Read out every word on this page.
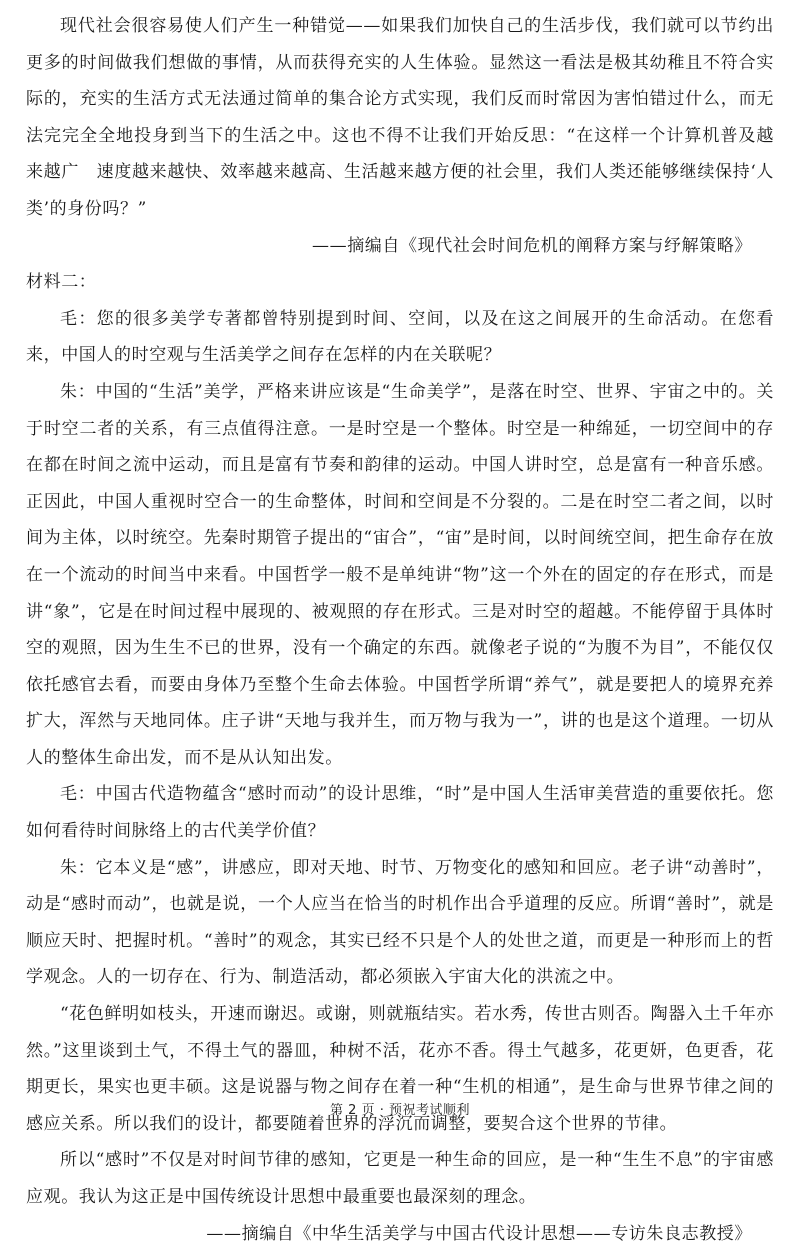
现代社会很容易使人们产生一种错觉——如果我们加快自己的生活步伐，我们就可以节约出更多的时间做我们想做的事情，从而获得充实的人生体验。显然这一看法是极其幼稚且不符合实际的，充实的生活方式无法通过简单的集合论方式实现，我们反而时常因为害怕错过什么，而无法完完全全地投身到当下的生活之中。这也不得不让我们开始反思：“在这样一个计算机普及越来越广　速度越来越快、效率越来越高、生活越来越方便的社会里，我们人类还能够继续保持‘人类’的身份吗？”

——摘编自《现代社会时间危机的阐释方案与纾解策略》

材料二：

毛：您的很多美学专著都曾特别提到时间、空间，以及在这之间展开的生命活动。在您看来，中国人的时空观与生活美学之间存在怎样的内在关联呢？

朱：中国的“生活”美学，严格来讲应该是“生命美学”，是落在时空、世界、宇宙之中的。关于时空二者的关系，有三点值得注意。一是时空是一个整体。时空是一种绵延，一切空间中的存在都在时间之流中运动，而且是富有节奏和韵律的运动。中国人讲时空，总是富有一种音乐感。正因此，中国人重视时空合一的生命整体，时间和空间是不分裂的。二是在时空二者之间，以时间为主体，以时统空。先秦时期管子提出的“宙合”，“宙”是时间，以时间统空间，把生命存在放在一个流动的时间当中来看。中国哲学一般不是单纯讲“物”这一个外在的固定的存在形式，而是讲“象”，它是在时间过程中展现的、被观照的存在形式。三是对时空的超越。不能停留于具体时空的观照，因为生生不已的世界，没有一个确定的东西。就像老子说的“为腹不为目”，不能仅仅依托感官去看，而要由身体乃至整个生命去体验。中国哲学所谓“养气”，就是要把人的境界充养扩大，浑然与天地同体。庄子讲“天地与我并生，而万物与我为一”，讲的也是这个道理。一切从人的整体生命出发，而不是从认知出发。

毛：中国古代造物蕴含“感时而动”的设计思维，“时”是中国人生活审美营造的重要依托。您如何看待时间脉络上的古代美学价值？

朱：它本义是“感”，讲感应，即对天地、时节、万物变化的感知和回应。老子讲“动善时”，动是“感时而动”，也就是说，一个人应当在恰当的时机作出合乎道理的反应。所谓“善时”，就是顺应天时、把握时机。“善时”的观念，其实已经不只是个人的处世之道，而更是一种形而上的哲学观念。人的一切存在、行为、制造活动，都必须嵌入宇宙大化的洪流之中。

“花色鲜明如枝头，开速而谢迟。或谢，则就瓶结实。若水秀，传世古则否。陶器入土千年亦然。”这里谈到土气，不得土气的器皿，种树不活，花亦不香。得土气越多，花更妍，色更香，花期更长，果实也更丰硕。这是说器与物之间存在着一种“生机的相通”，是生命与世界节律之间的感应关系。所以我们的设计，都要随着世界的浮沉而调整，要契合这个世界的节律。

所以“感时”不仅是对时间节律的感知，它更是一种生命的回应，是一种“生生不息”的宇宙感应观。我认为这正是中国传统设计思想中最重要也最深刻的理念。

——摘编自《中华生活美学与中国古代设计思想——专访朱良志教授》

第 2 页 · 预祝考试顺利
